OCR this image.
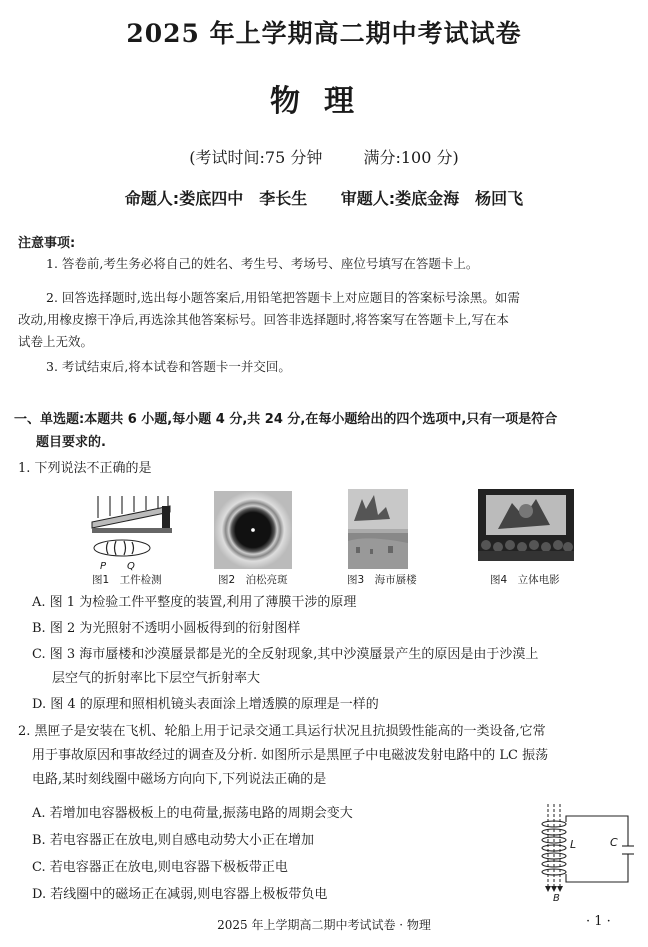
2025 年上学期高二期中考试试卷
物理
(考试时间:75 分钟	满分:100 分)
命题人:娄底四中　李长生 审题人:娄底金海　杨回飞
注意事项:
1. 答卷前,考生务必将自己的姓名、考生号、考场号、座位号填写在答题卡上。
2. 回答选择题时,选出每小题答案后,用铅笔把答题卡上对应题目的答案标号涂黑。如需
改动,用橡皮擦干净后,再选涂其他答案标号。回答非选择题时,将答案写在答题卡上,写在本
试卷上无效。
3. 考试结束后,将本试卷和答题卡一并交回。
一、单选题:本题共 6 小题,每小题 4 分,共 24 分,在每小题给出的四个选项中,只有一项是符合
题目要求的.
1. 下列说法不正确的是
P Q
图1　工件检测	图2　泊松亮斑	图3　海市蜃楼	图4　立体电影
A. 图 1 为检验工件平整度的装置,利用了薄膜干涉的原理
B. 图 2 为光照射不透明小圆板得到的衍射图样
C. 图 3 海市蜃楼和沙漠蜃景都是光的全反射现象,其中沙漠蜃景产生的原因是由于沙漠上
层空气的折射率比下层空气折射率大
D. 图 4 的原理和照相机镜头表面涂上增透膜的原理是一样的
2. 黑匣子是安装在飞机、轮船上用于记录交通工具运行状况且抗损毁性能高的一类设备,它常
用于事故原因和事故经过的调查及分析. 如图所示是黑匣子中电磁波发射电路中的 LC 振荡
电路,某时刻线圈中磁场方向向下,下列说法正确的是
A. 若增加电容器极板上的电荷量,振荡电路的周期会变大
B. 若电容器正在放电,则自感电动势大小正在增加
C. 若电容器正在放电,则电容器下极板带正电
D. 若线圈中的磁场正在减弱,则电容器上极板带负电
L	C
B
2025 年上学期高二期中考试试卷 · 物理	· 1 ·
